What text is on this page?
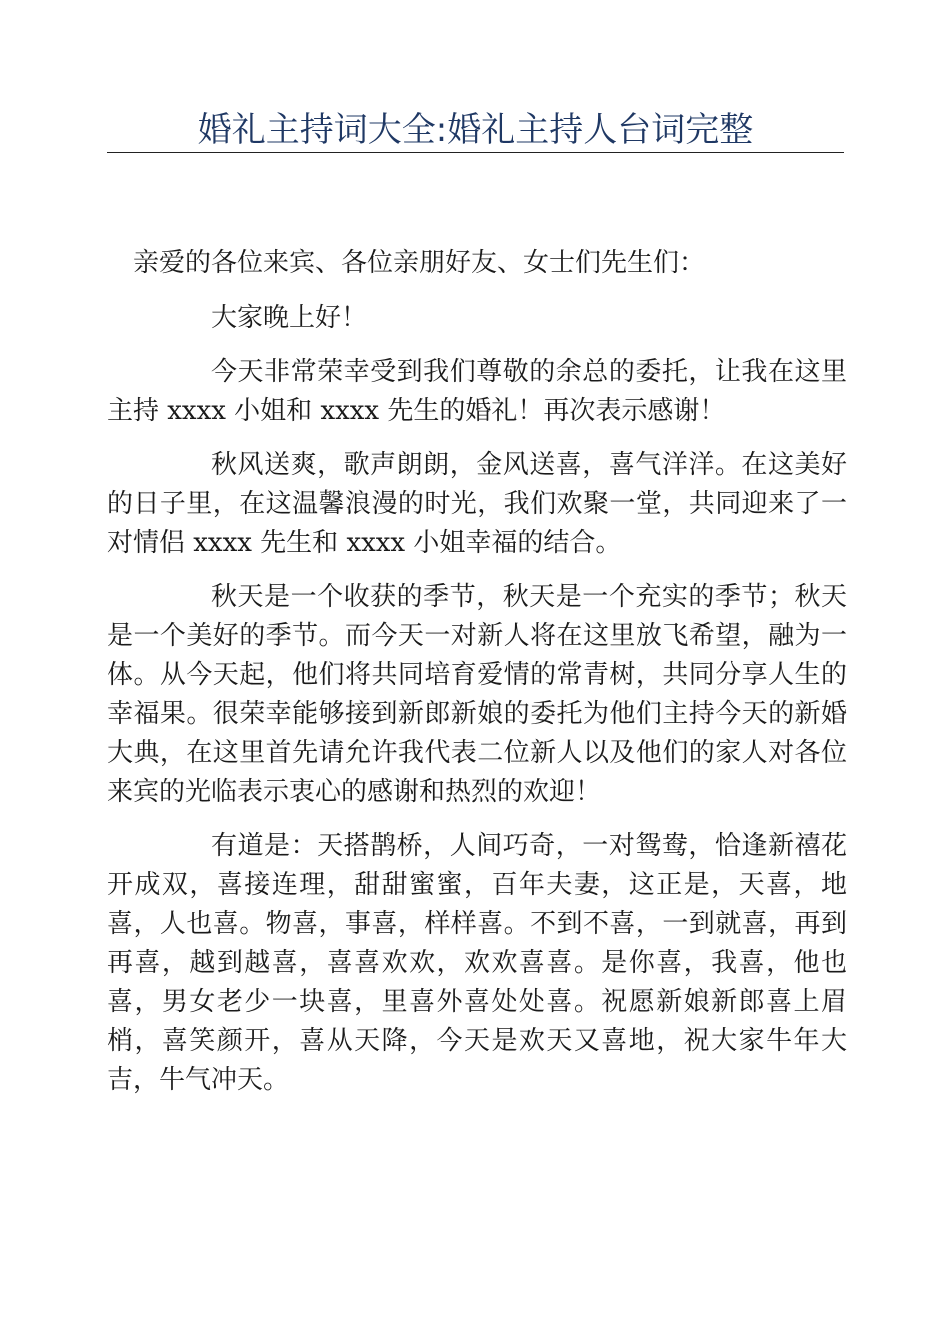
婚礼主持词大全:婚礼主持人台词完整

亲爱的各位来宾、各位亲朋好友、女士们先生们：

大家晚上好！

今天非常荣幸受到我们尊敬的余总的委托，让我在这里主持 xxxx 小姐和 xxxx 先生的婚礼！再次表示感谢！

秋风送爽，歌声朗朗，金风送喜，喜气洋洋。在这美好的日子里，在这温馨浪漫的时光，我们欢聚一堂，共同迎来了一对情侣 xxxx 先生和 xxxx 小姐幸福的结合。

秋天是一个收获的季节，秋天是一个充实的季节；秋天是一个美好的季节。而今天一对新人将在这里放飞希望，融为一体。从今天起，他们将共同培育爱情的常青树，共同分享人生的幸福果。很荣幸能够接到新郎新娘的委托为他们主持今天的新婚大典，在这里首先请允许我代表二位新人以及他们的家人对各位来宾的光临表示衷心的感谢和热烈的欢迎！

有道是：天搭鹊桥，人间巧奇，一对鸳鸯，恰逢新禧花开成双，喜接连理，甜甜蜜蜜，百年夫妻，这正是，天喜，地喜，人也喜。物喜，事喜，样样喜。不到不喜，一到就喜，再到再喜，越到越喜，喜喜欢欢，欢欢喜喜。是你喜，我喜，他也喜，男女老少一块喜，里喜外喜处处喜。祝愿新娘新郎喜上眉梢，喜笑颜开，喜从天降，今天是欢天又喜地，祝大家牛年大吉，牛气冲天。
